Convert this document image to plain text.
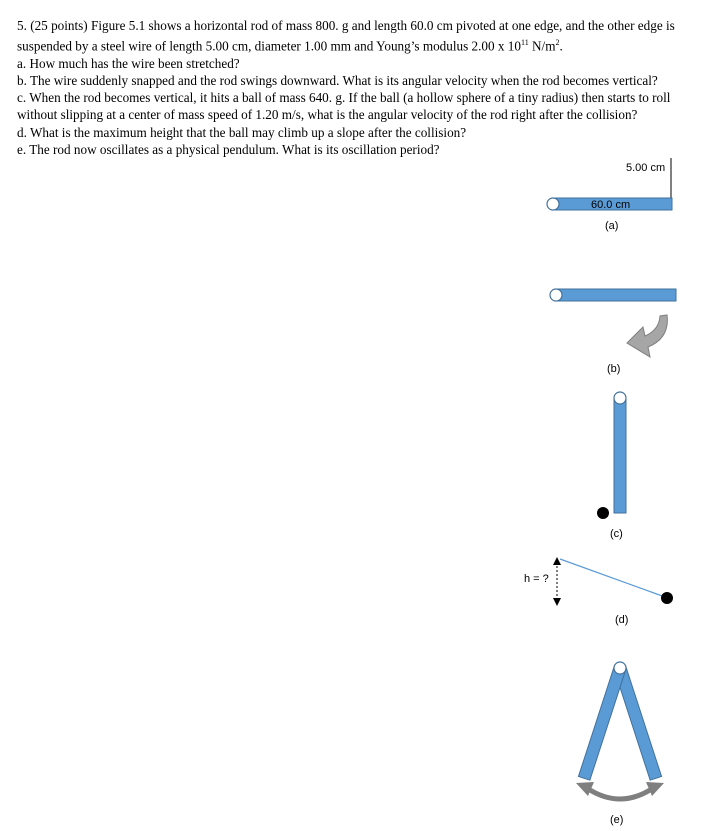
5. (25 points) Figure 5.1 shows a horizontal rod of mass 800. g and length 60.0 cm pivoted at one edge, and the other edge is suspended by a steel wire of length 5.00 cm, diameter 1.00 mm and Young’s modulus 2.00 x $10^{11}$ $N/m^2$.

a. How much has the wire been stretched?

b. The wire suddenly snapped and the rod swings downward. What is its angular velocity when the rod becomes vertical?

c. When the rod becomes vertical, it hits a ball of mass 640. g. If the ball (a hollow sphere of a tiny radius) then starts to roll without slipping at a center of mass speed of 1.20 m/s, what is the angular velocity of the rod right after the collision?

d. What is the maximum height that the ball may climb up a slope after the collision?

e. The rod now oscillates as a physical pendulum. What is its oscillation period?

5.00 cm
60.0 cm
(a)
(b)
(c)
h = ?
(d)
(e)
